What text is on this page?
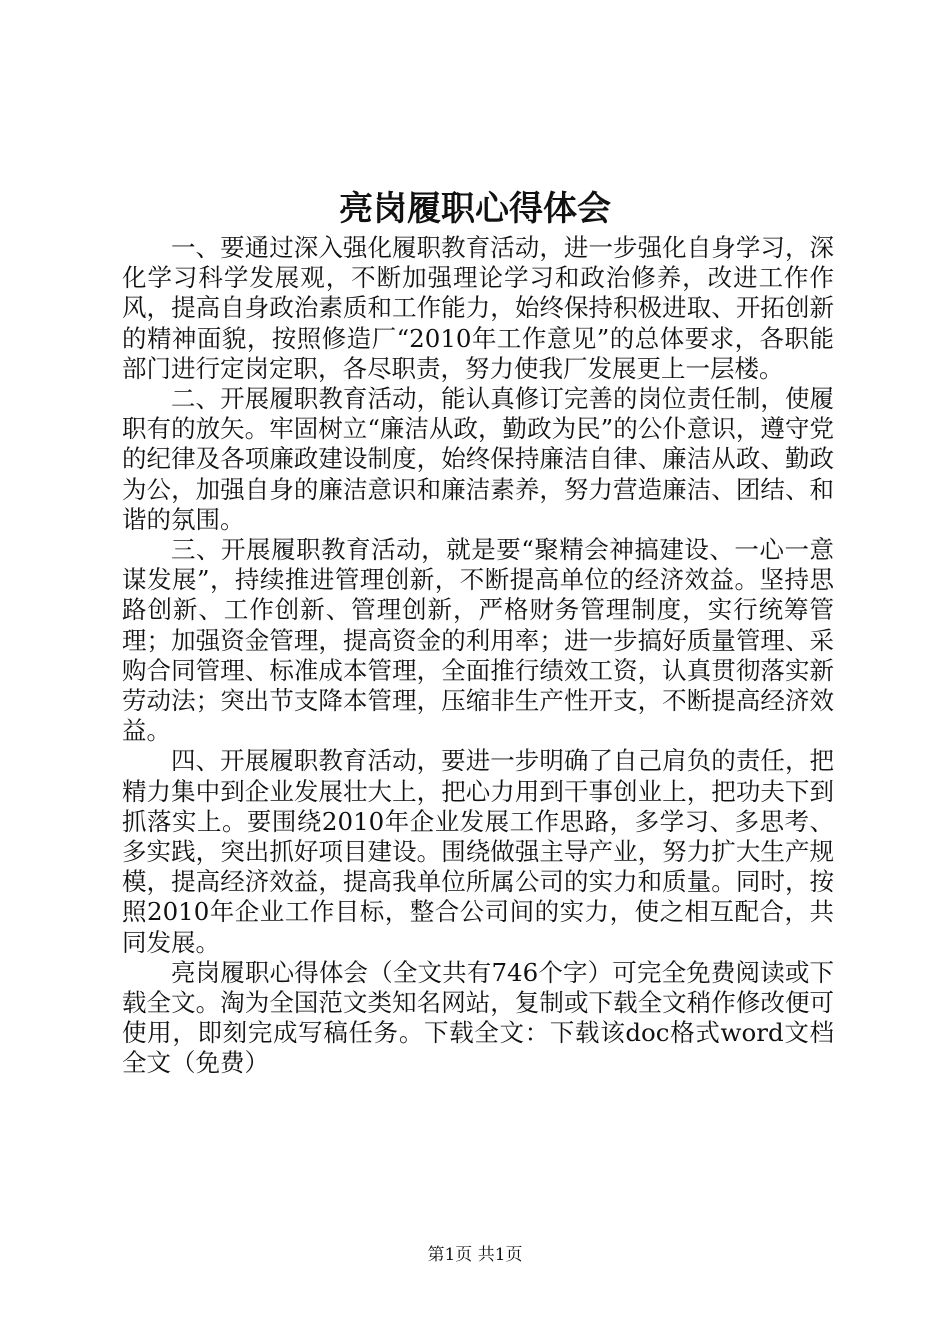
亮岗履职心得体会

一、要通过深入强化履职教育活动，进一步强化自身学习，深化学习科学发展观，不断加强理论学习和政治修养，改进工作作风，提高自身政治素质和工作能力，始终保持积极进取、开拓创新的精神面貌，按照修造厂“2010年工作意见”的总体要求，各职能部门进行定岗定职，各尽职责，努力使我厂发展更上一层楼。

二、开展履职教育活动，能认真修订完善的岗位责任制，使履职有的放矢。牢固树立“廉洁从政，勤政为民”的公仆意识，遵守党的纪律及各项廉政建设制度，始终保持廉洁自律、廉洁从政、勤政为公，加强自身的廉洁意识和廉洁素养，努力营造廉洁、团结、和谐的氛围。

三、开展履职教育活动，就是要“聚精会神搞建设、一心一意谋发展”，持续推进管理创新，不断提高单位的经济效益。坚持思路创新、工作创新、管理创新，严格财务管理制度，实行统筹管理；加强资金管理，提高资金的利用率；进一步搞好质量管理、采购合同管理、标准成本管理，全面推行绩效工资，认真贯彻落实新劳动法；突出节支降本管理，压缩非生产性开支，不断提高经济效益。

四、开展履职教育活动，要进一步明确了自己肩负的责任，把精力集中到企业发展壮大上，把心力用到干事创业上，把功夫下到抓落实上。要围绕2010年企业发展工作思路，多学习、多思考、多实践，突出抓好项目建设。围绕做强主导产业，努力扩大生产规模，提高经济效益，提高我单位所属公司的实力和质量。同时，按照2010年企业工作目标，整合公司间的实力，使之相互配合，共同发展。

亮岗履职心得体会（全文共有746个字）可完全免费阅读或下载全文。淘为全国范文类知名网站，复制或下载全文稍作修改便可使用，即刻完成写稿任务。下载全文：下载该doc格式word文档全文（免费）

第1页 共1页
